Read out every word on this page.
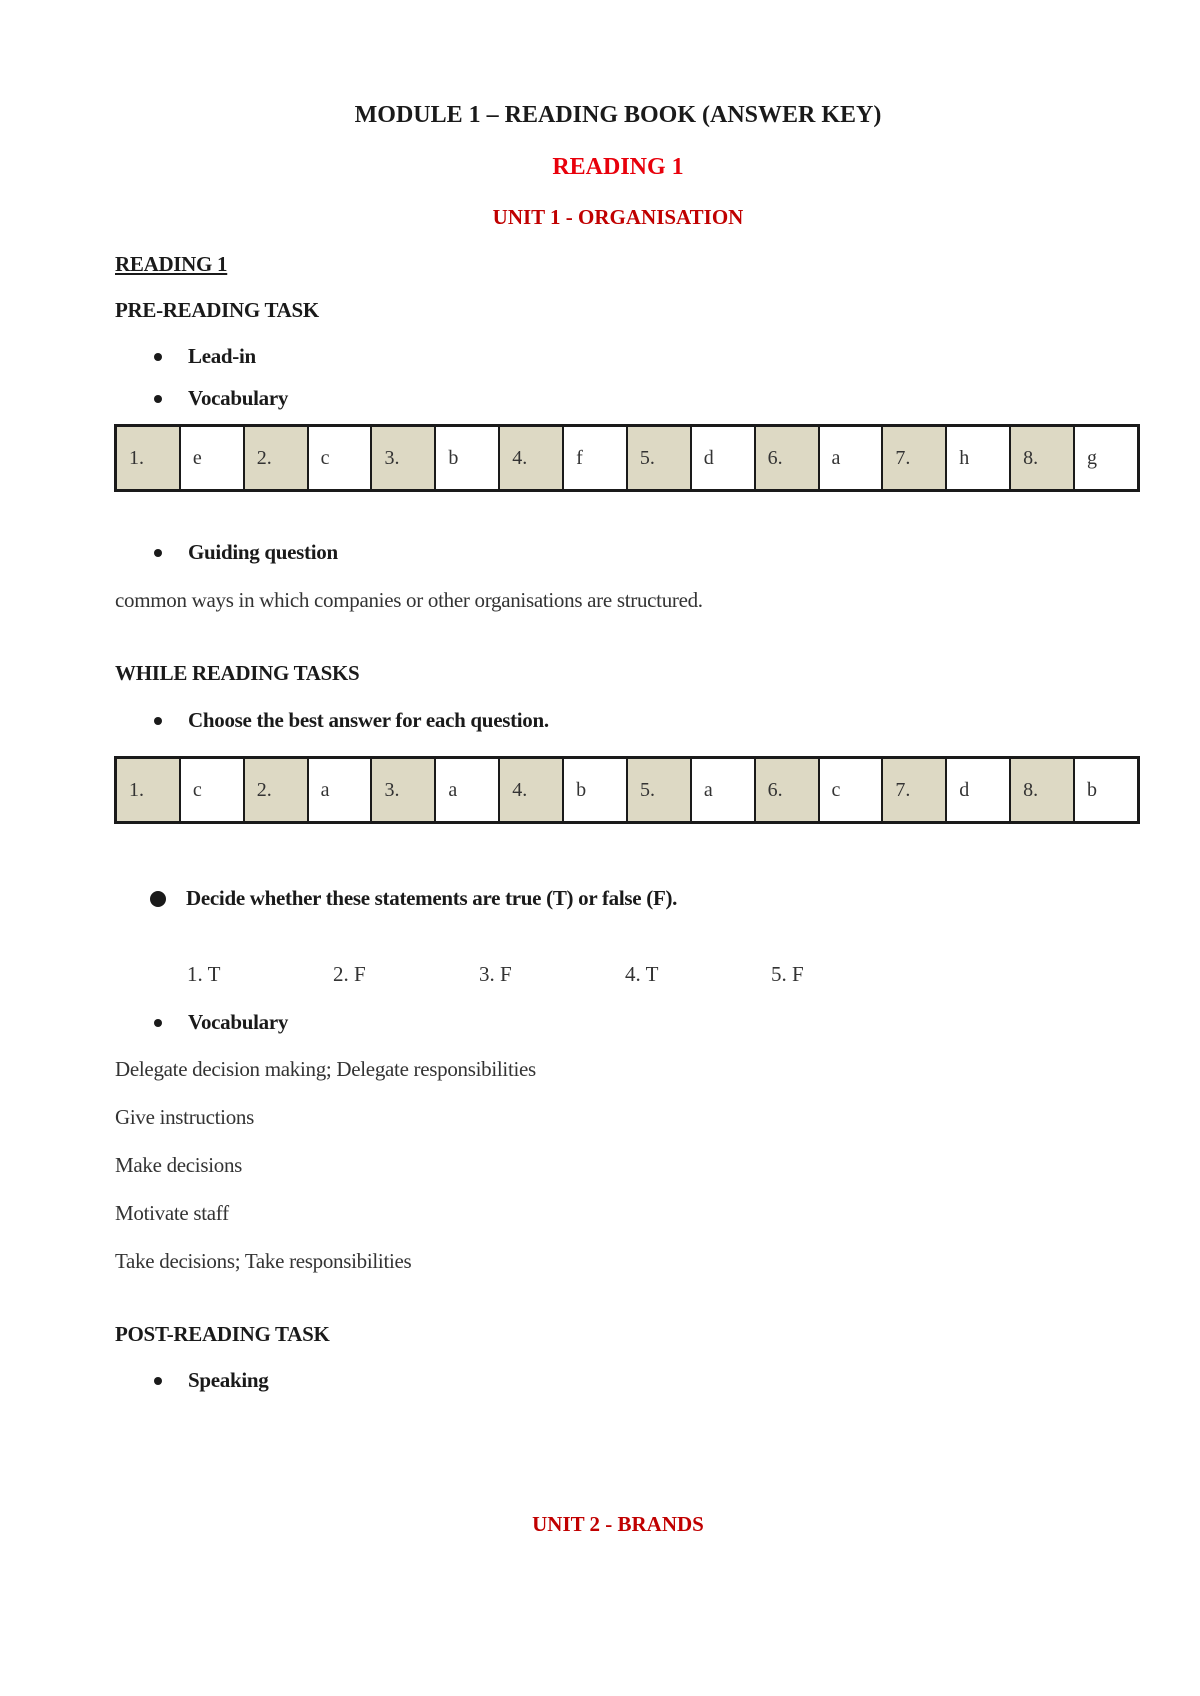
MODULE 1 – READING BOOK (ANSWER KEY)
READING 1
UNIT 1 - ORGANISATION
READING 1
PRE-READING TASK
Lead-in
Vocabulary
1.	e	2.	c	3.	b	4.	f	5.	d	6.	a	7.	h	8.	g
Guiding question
common ways in which companies or other organisations are structured.
WHILE READING TASKS
Choose the best answer for each question.
1.	c	2.	a	3.	a	4.	b	5.	a	6.	c	7.	d	8.	b
Decide whether these statements are true (T) or false (F).
1. T	2. F	3. F	4. T	5. F
Vocabulary
Delegate decision making; Delegate responsibilities
Give instructions
Make decisions
Motivate staff
Take decisions; Take responsibilities
POST-READING TASK
Speaking
UNIT 2 - BRANDS
